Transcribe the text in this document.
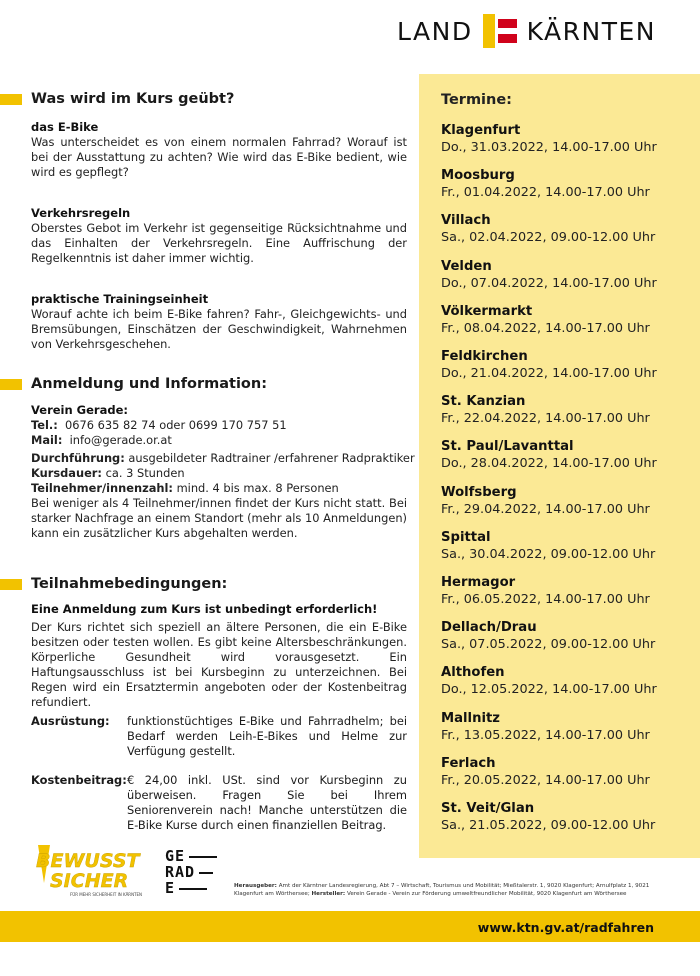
LAND KÄRNTEN
Was wird im Kurs geübt?
das E-Bike
Was unterscheidet es von einem normalen Fahrrad? Worauf ist bei der Ausstattung zu achten? Wie wird das E-Bike bedient, wie wird es gepflegt?
Verkehrsregeln
Oberstes Gebot im Verkehr ist gegenseitige Rücksichtnahme und das Einhalten der Verkehrsregeln. Eine Auffrischung der Regelkenntnis ist daher immer wichtig.
praktische Trainingseinheit
Worauf achte ich beim E-Bike fahren? Fahr-, Gleichgewichts- und Bremsübungen, Einschätzen der Geschwindigkeit, Wahrnehmen von Verkehrsgeschehen.
Anmeldung und Information:
Verein Gerade:
Tel.: 0676 635 82 74 oder 0699 170 757 51
Mail: info@gerade.or.at
Durchführung: ausgebildeter Radtrainer /erfahrener Radpraktiker
Kursdauer: ca. 3 Stunden
Teilnehmer/innenzahl: mind. 4 bis max. 8 Personen
Bei weniger als 4 Teilnehmer/innen findet der Kurs nicht statt. Bei starker Nachfrage an einem Standort (mehr als 10 Anmeldungen) kann ein zusätzlicher Kurs abgehalten werden.
Teilnahmebedingungen:
Eine Anmeldung zum Kurs ist unbedingt erforderlich!
Der Kurs richtet sich speziell an ältere Personen, die ein E-Bike besitzen oder testen wollen. Es gibt keine Altersbeschränkungen. Körperliche Gesundheit wird vorausgesetzt. Ein Haftungsausschluss ist bei Kursbeginn zu unterzeichnen. Bei Regen wird ein Ersatztermin angeboten oder der Kostenbeitrag refundiert.
Ausrüstung:	funktionstüchtiges E-Bike und Fahrradhelm; bei Bedarf werden Leih-E-Bikes und Helme zur Verfügung gestellt.
Kostenbeitrag: € 24,00 inkl. USt. sind vor Kursbeginn zu überweisen. Fragen Sie bei Ihrem Seniorenverein nach! Manche unterstützen die E-Bike Kurse durch einen finanziellen Beitrag.
Termine:
Klagenfurt
Do., 31.03.2022, 14.00-17.00 Uhr
Moosburg
Fr., 01.04.2022, 14.00-17.00 Uhr
Villach
Sa., 02.04.2022, 09.00-12.00 Uhr
Velden
Do., 07.04.2022, 14.00-17.00 Uhr
Völkermarkt
Fr., 08.04.2022, 14.00-17.00 Uhr
Feldkirchen
Do., 21.04.2022, 14.00-17.00 Uhr
St. Kanzian
Fr., 22.04.2022, 14.00-17.00 Uhr
St. Paul/Lavanttal
Do., 28.04.2022, 14.00-17.00 Uhr
Wolfsberg
Fr., 29.04.2022, 14.00-17.00 Uhr
Spittal
Sa., 30.04.2022, 09.00-12.00 Uhr
Hermagor
Fr., 06.05.2022, 14.00-17.00 Uhr
Dellach/Drau
Sa., 07.05.2022, 09.00-12.00 Uhr
Althofen
Do., 12.05.2022, 14.00-17.00 Uhr
Mallnitz
Fr., 13.05.2022, 14.00-17.00 Uhr
Ferlach
Fr., 20.05.2022, 14.00-17.00 Uhr
St. Veit/Glan
Sa., 21.05.2022, 09.00-12.00 Uhr
BEWUSST
SICHER
FÜR MEHR SICHERHEIT IN KÄRNTEN
GE
RAD
E	Herausgeber: Amt der Kärntner Landesregierung, Abt 7 – Wirtschaft, Tourismus und Mobilität; Mießtalerstr. 1, 9020 Klagenfurt; Arnulfplatz 1, 9021 Klagenfurt am Wörthersee; Hersteller: Verein Gerade - Verein zur Förderung umweltfreundlicher Mobilität, 9020 Klagenfurt am Wörthersee
www.ktn.gv.at/radfahren
